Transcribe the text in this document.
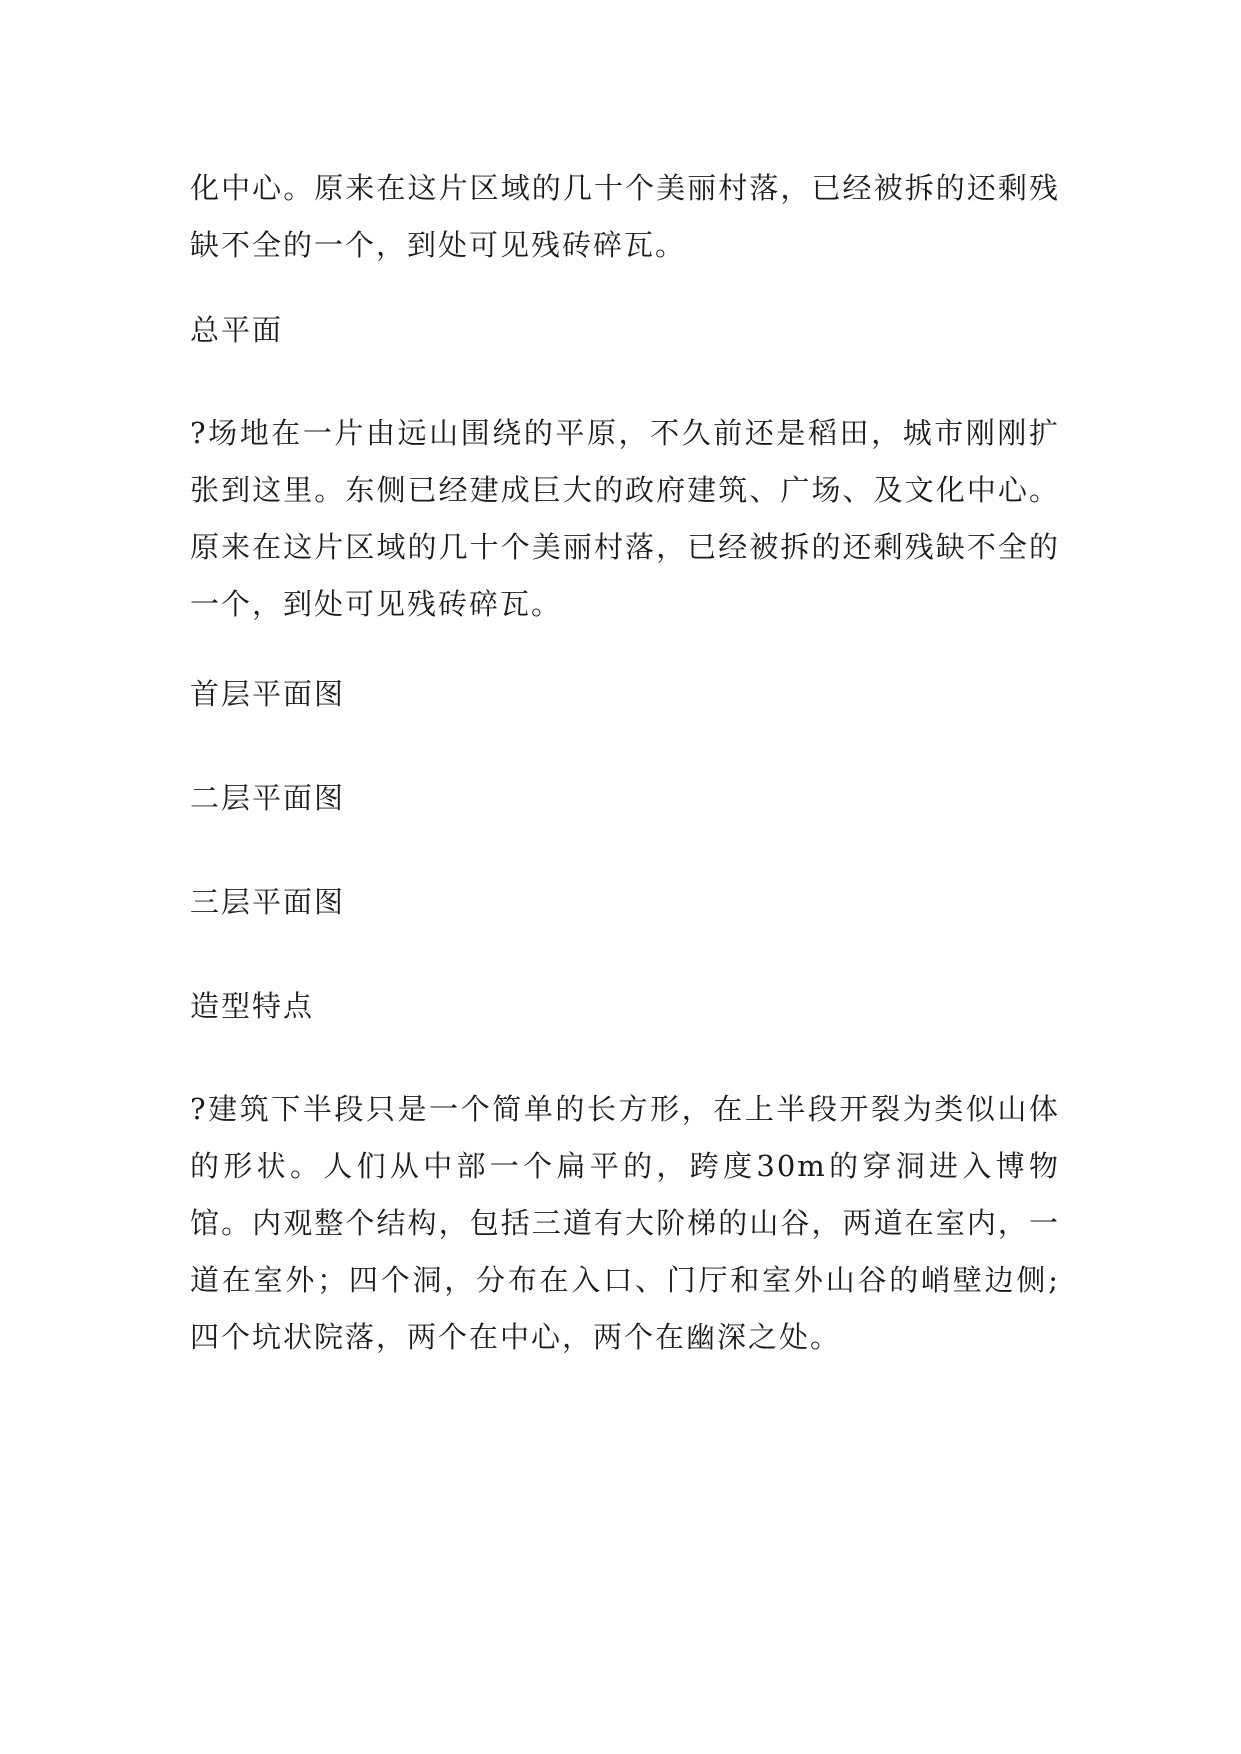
化中心。原来在这片区域的几十个美丽村落，已经被拆的还剩残缺不全的一个，到处可见残砖碎瓦。

总平面

?场地在一片由远山围绕的平原，不久前还是稻田，城市刚刚扩张到这里。东侧已经建成巨大的政府建筑、广场、及文化中心。原来在这片区域的几十个美丽村落，已经被拆的还剩残缺不全的一个，到处可见残砖碎瓦。

首层平面图

二层平面图

三层平面图

造型特点

?建筑下半段只是一个简单的长方形，在上半段开裂为类似山体的形状。人们从中部一个扁平的，跨度30m的穿洞进入博物馆。内观整个结构，包括三道有大阶梯的山谷，两道在室内，一道在室外；四个洞，分布在入口、门厅和室外山谷的峭壁边侧;四个坑状院落，两个在中心，两个在幽深之处。
